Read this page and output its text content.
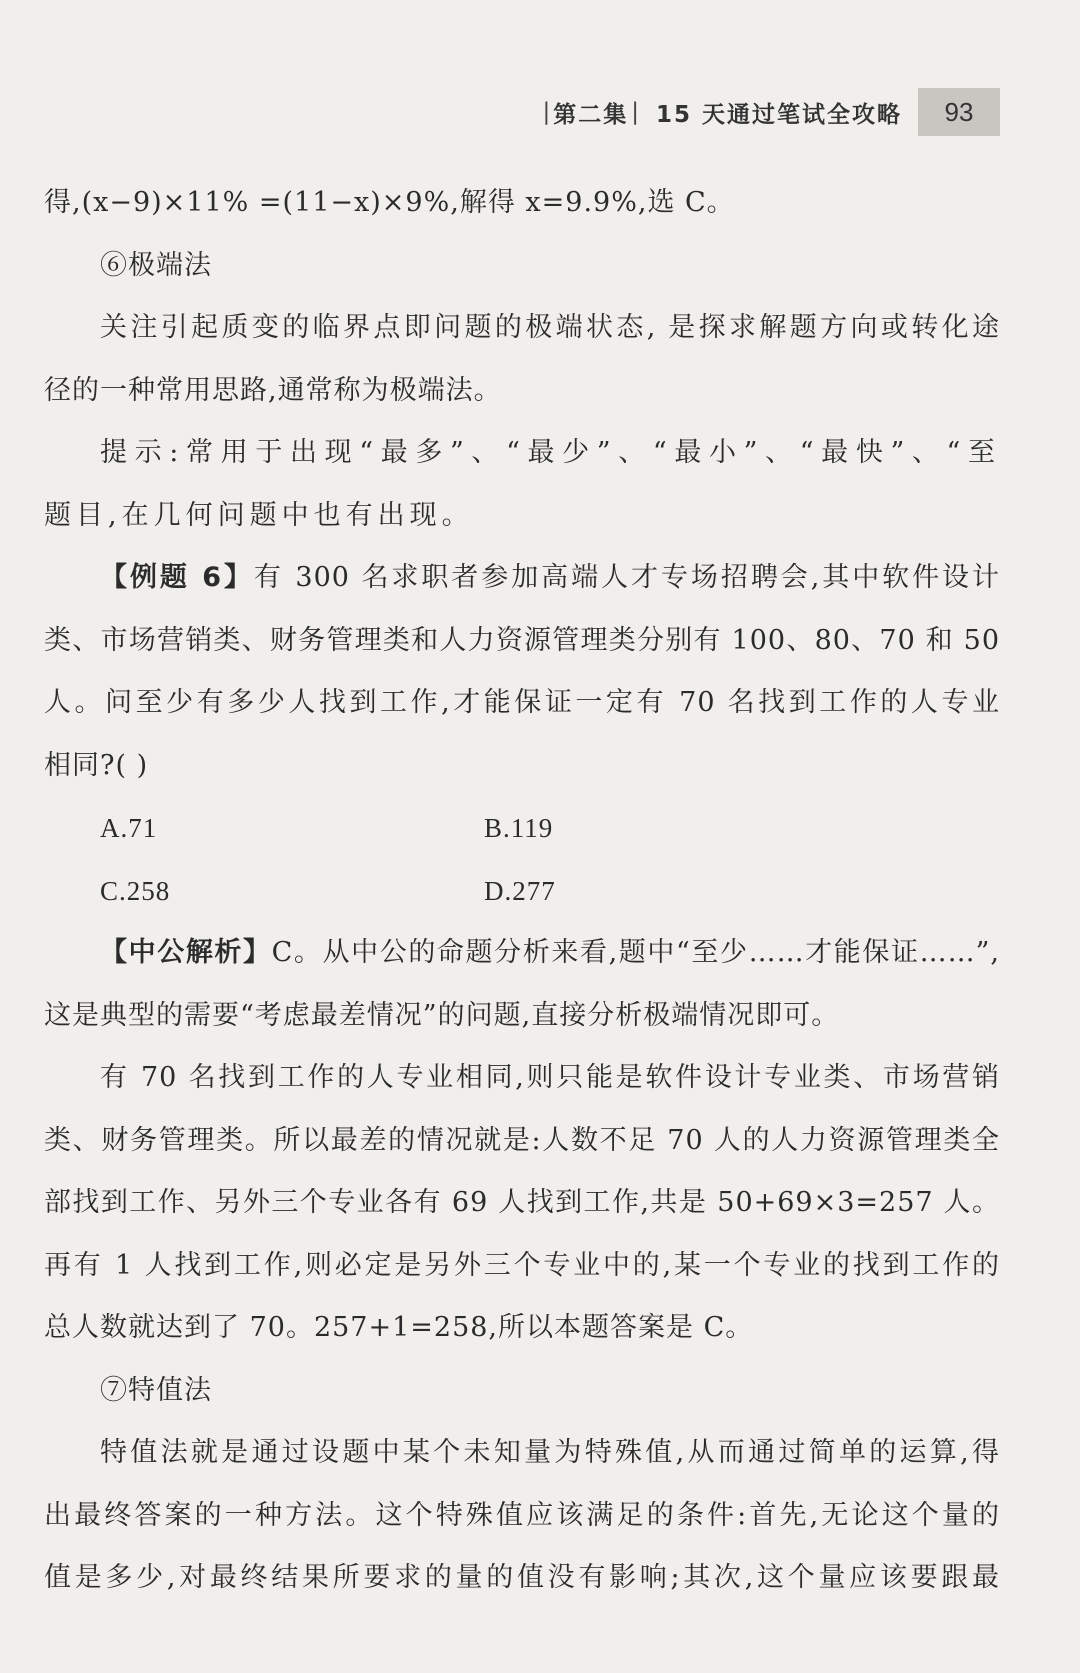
| 第二集 | 15 天通过笔试全攻略	93
得,(x−9)×11% =(11−x)×9%,解得 x=9.9%,选 C。
⑥极端法
关注引起质变的临界点即问题的极端状态, 是探求解题方向或转化途
径的一种常用思路,通常称为极端法。
提示:常用于出现“最多”、“最少”、“最小”、“最快”、“至
题目,在几何问题中也有出现。
【例题 6】有 300 名求职者参加高端人才专场招聘会,其中软件设计
类、市场营销类、财务管理类和人力资源管理类分别有 100、80、70 和 50
人。问至少有多少人找到工作,才能保证一定有 70 名找到工作的人专业
相同?( )
A.71	B.119
C.258	D.277
【中公解析】C。从中公的命题分析来看,题中“至少……才能保证……”,
这是典型的需要“考虑最差情况”的问题,直接分析极端情况即可。
有 70 名找到工作的人专业相同,则只能是软件设计专业类、市场营销
类、财务管理类。所以最差的情况就是:人数不足 70 人的人力资源管理类全
部找到工作、另外三个专业各有 69 人找到工作,共是 50+69×3=257 人。
再有 1 人找到工作,则必定是另外三个专业中的,某一个专业的找到工作的
总人数就达到了 70。257+1=258,所以本题答案是 C。
⑦特值法
特值法就是通过设题中某个未知量为特殊值,从而通过简单的运算,得
出最终答案的一种方法。这个特殊值应该满足的条件:首先,无论这个量的
值是多少,对最终结果所要求的量的值没有影响;其次,这个量应该要跟最
